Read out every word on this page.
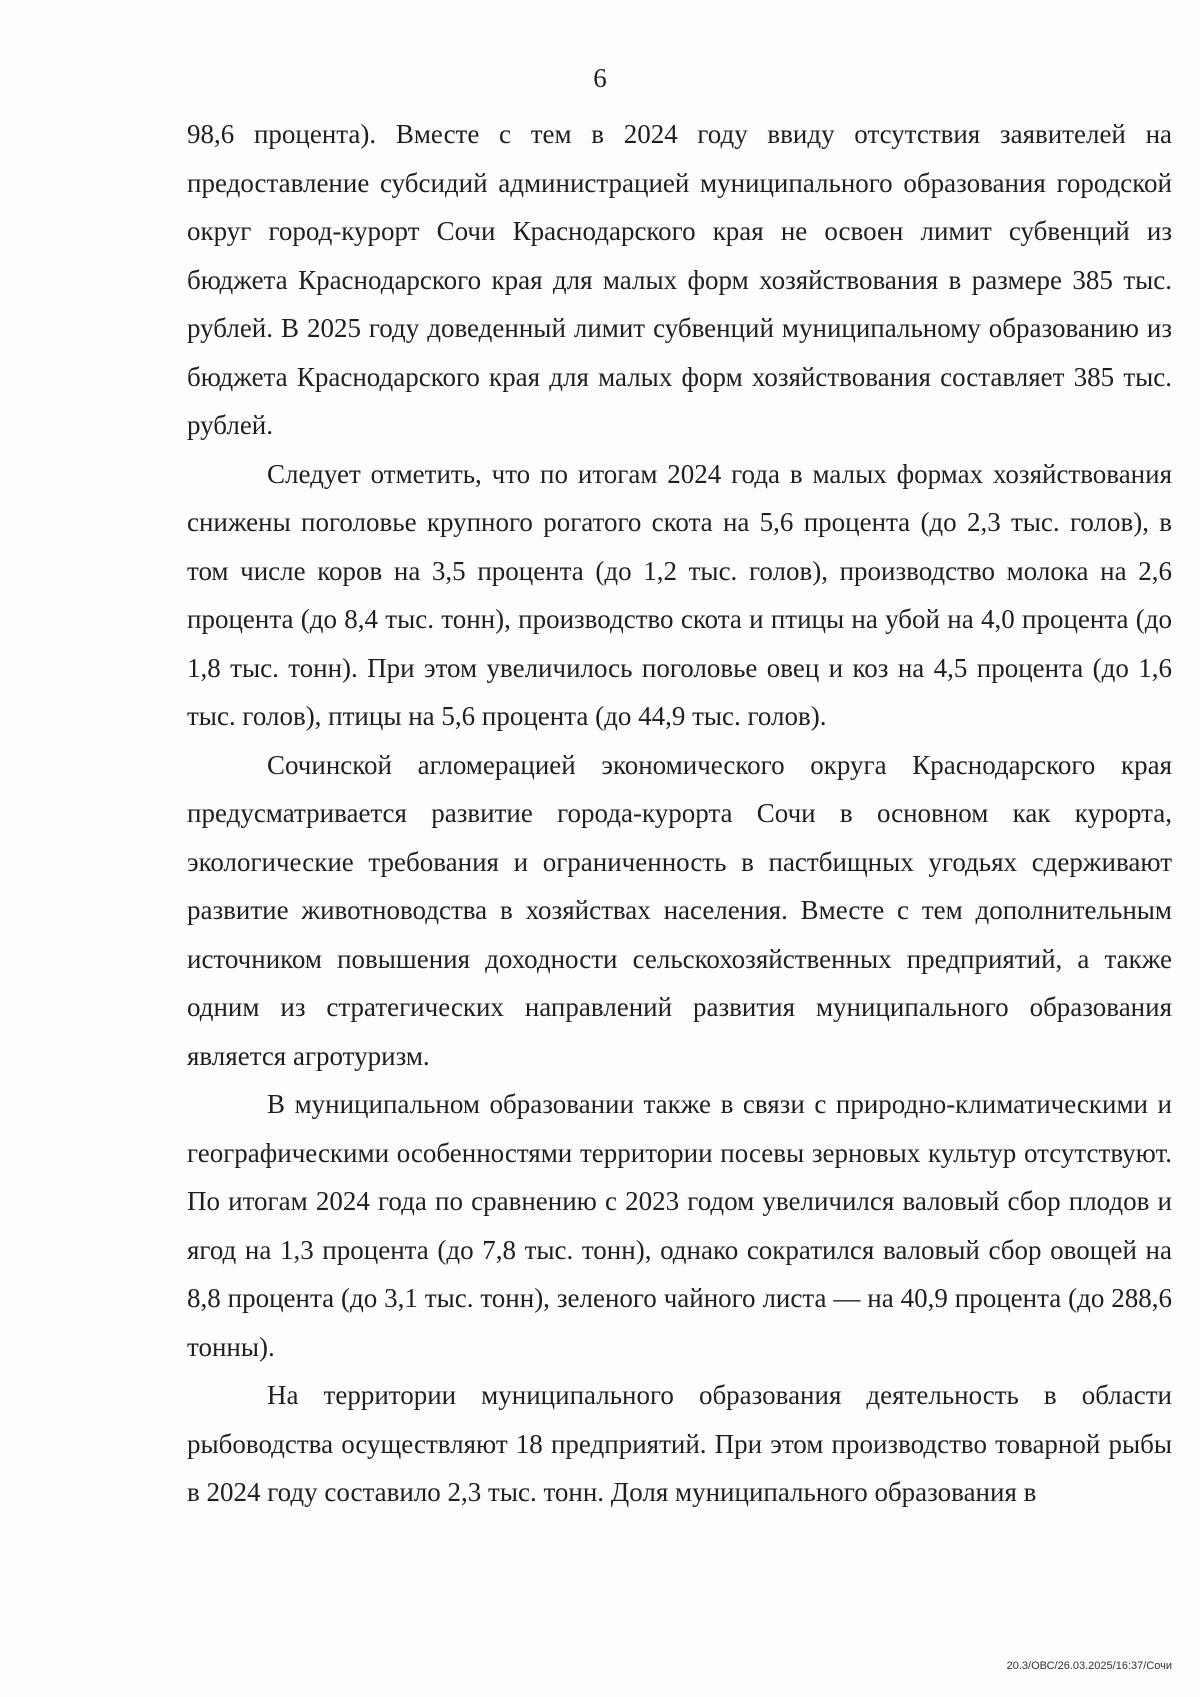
6

98,6 процента). Вместе с тем в 2024 году ввиду отсутствия заявителей на предоставление субсидий администрацией муниципального образования городской округ город-курорт Сочи Краснодарского края не освоен лимит субвенций из бюджета Краснодарского края для малых форм хозяйствования в размере 385 тыс. рублей. В 2025 году доведенный лимит субвенций муниципальному образованию из бюджета Краснодарского края для малых форм хозяйствования составляет 385 тыс. рублей.

Следует отметить, что по итогам 2024 года в малых формах хозяйствования снижены поголовье крупного рогатого скота на 5,6 процента (до 2,3 тыс. голов), в том числе коров на 3,5 процента (до 1,2 тыс. голов), производство молока на 2,6 процента (до 8,4 тыс. тонн), производство скота и птицы на убой на 4,0 процента (до 1,8 тыс. тонн). При этом увеличилось поголовье овец и коз на 4,5 процента (до 1,6 тыс. голов), птицы на 5,6 процента (до 44,9 тыс. голов).

Сочинской агломерацией экономического округа Краснодарского края предусматривается развитие города-курорта Сочи в основном как курорта, экологические требования и ограниченность в пастбищных угодьях сдерживают развитие животноводства в хозяйствах населения. Вместе с тем дополнительным источником повышения доходности сельскохозяйственных предприятий, а также одним из стратегических направлений развития муниципального образования является агротуризм.

В муниципальном образовании также в связи с природно-климатическими и географическими особенностями территории посевы зерновых культур отсутствуют. По итогам 2024 года по сравнению с 2023 годом увеличился валовый сбор плодов и ягод на 1,3 процента (до 7,8 тыс. тонн), однако сократился валовый сбор овощей на 8,8 процента (до 3,1 тыс. тонн), зеленого чайного листа — на 40,9 процента (до 288,6 тонны).

На территории муниципального образования деятельность в области рыбоводства осуществляют 18 предприятий. При этом производство товарной рыбы в 2024 году составило 2,3 тыс. тонн. Доля муниципального образования в

20.3/ОВС/26.03.2025/16:37/Сочи
